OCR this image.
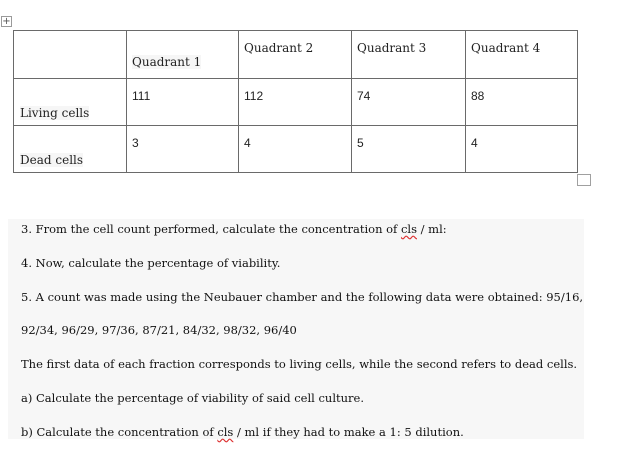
+

	Quadrant 1	Quadrant 2	Quadrant 3	Quadrant 4

Living cells	111	112	74	88

Dead cells	3	4	5	4
3. From the cell count performed, calculate the concentration of cls / ml:
4. Now, calculate the percentage of viability.
5. A count was made using the Neubauer chamber and the following data were obtained: 95/16,
92/34, 96/29, 97/36, 87/21, 84/32, 98/32, 96/40
The first data of each fraction corresponds to living cells, while the second refers to dead cells.
a) Calculate the percentage of viability of said cell culture.
b) Calculate the concentration of cls / ml if they had to make a 1: 5 dilution.
